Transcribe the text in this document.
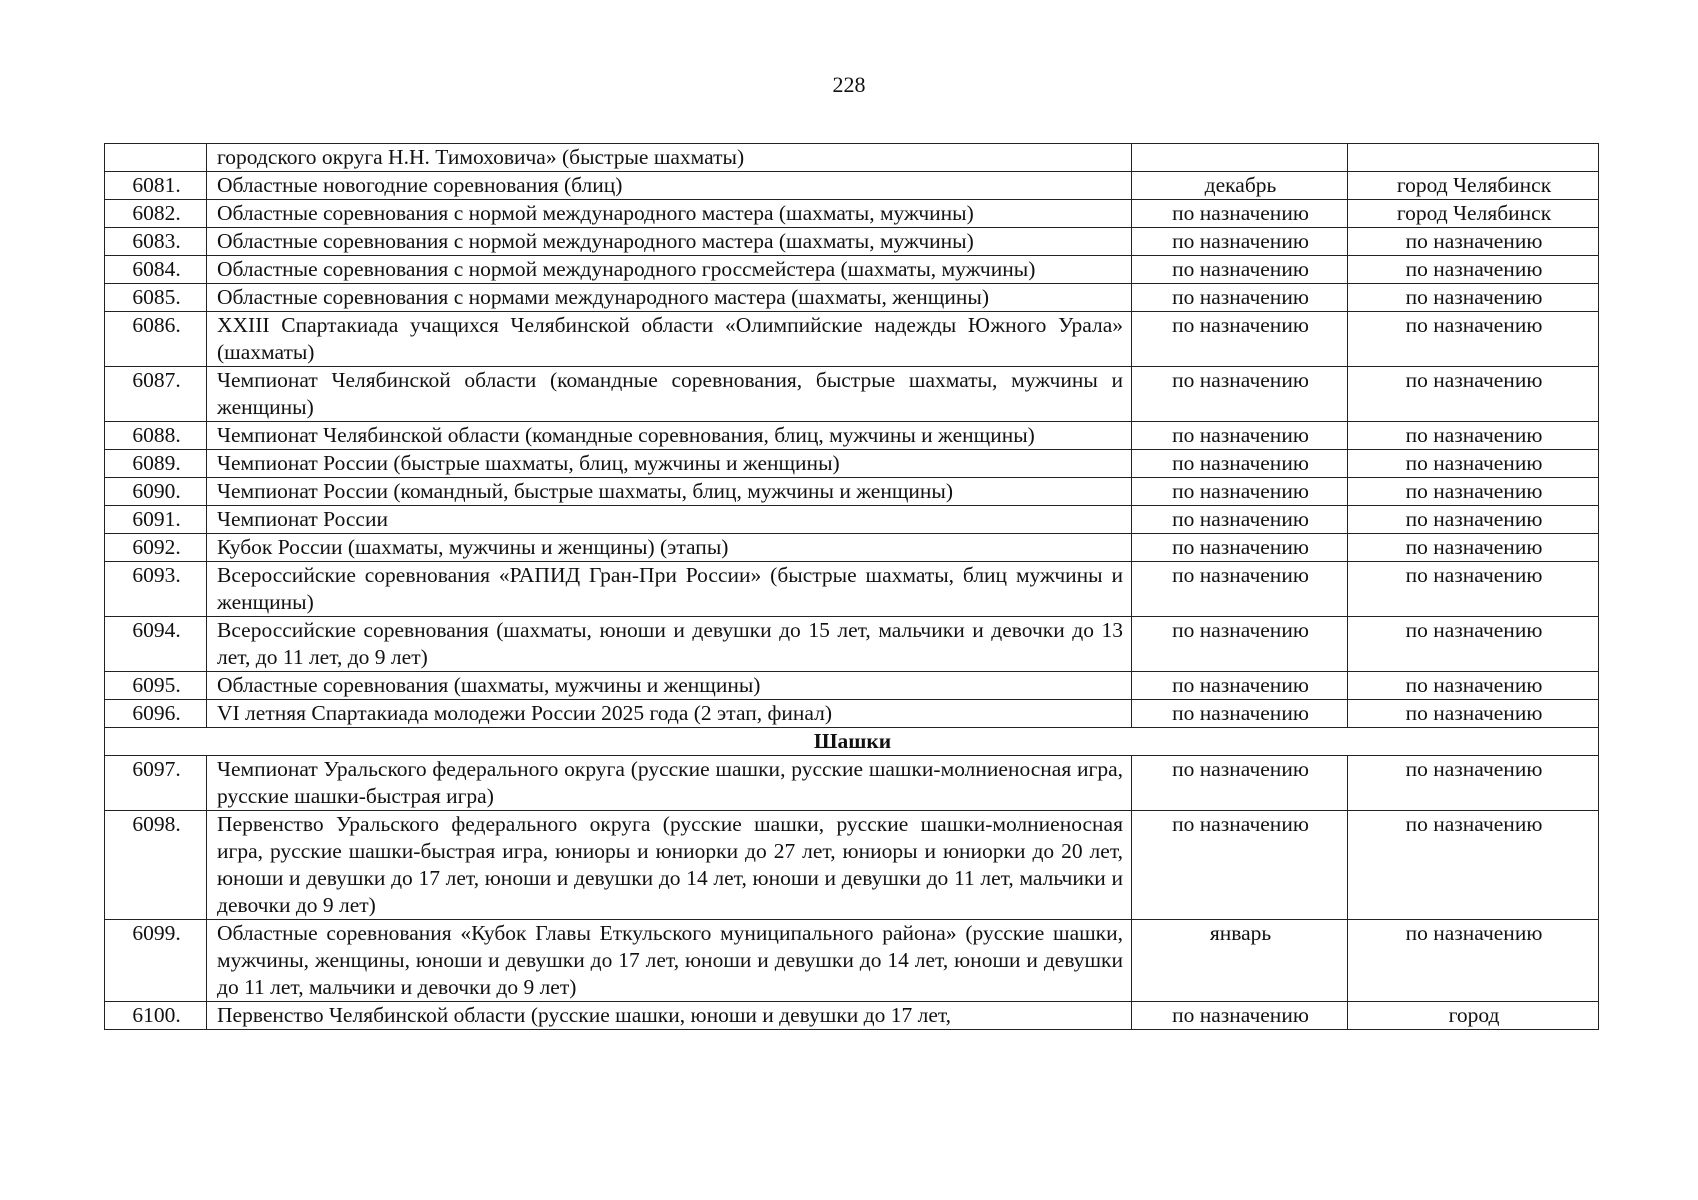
228
	городского округа Н.Н. Тимоховича» (быстрые шахматы)		
6081.	Областные новогодние соревнования (блиц)	декабрь	город Челябинск
6082.	Областные соревнования с нормой международного мастера (шахматы, мужчины)	по назначению	город Челябинск
6083.	Областные соревнования с нормой международного мастера (шахматы, мужчины)	по назначению	по назначению
6084.	Областные соревнования с нормой международного гроссмейстера (шахматы, мужчины)	по назначению	по назначению
6085.	Областные соревнования с нормами международного мастера (шахматы, женщины)	по назначению	по назначению
6086.	XXIII Спартакиада учащихся Челябинской области «Олимпийские надежды Южного Урала» (шахматы)	по назначению	по назначению
6087.	Чемпионат Челябинской области (командные соревнования, быстрые шахматы, мужчины и женщины)	по назначению	по назначению
6088.	Чемпионат Челябинской области (командные соревнования, блиц, мужчины и женщины)	по назначению	по назначению
6089.	Чемпионат России (быстрые шахматы, блиц, мужчины и женщины)	по назначению	по назначению
6090.	Чемпионат России (командный, быстрые шахматы, блиц, мужчины и женщины)	по назначению	по назначению
6091.	Чемпионат России	по назначению	по назначению
6092.	Кубок России (шахматы, мужчины и женщины) (этапы)	по назначению	по назначению
6093.	Всероссийские соревнования «РАПИД Гран-При России» (быстрые шахматы, блиц мужчины и женщины)	по назначению	по назначению
6094.	Всероссийские соревнования (шахматы, юноши и девушки до 15 лет, мальчики и девочки до 13 лет, до 11 лет, до 9 лет)	по назначению	по назначению
6095.	Областные соревнования (шахматы, мужчины и женщины)	по назначению	по назначению
6096.	VI летняя Спартакиада молодежи России 2025 года (2 этап, финал)	по назначению	по назначению
Шашки			
6097.	Чемпионат Уральского федерального округа (русские шашки, русские шашки-молниеносная игра, русские шашки-быстрая игра)	по назначению	по назначению
6098.	Первенство Уральского федерального округа (русские шашки, русские шашки-молниеносная игра, русские шашки-быстрая игра, юниоры и юниорки до 27 лет, юниоры и юниорки до 20 лет, юноши и девушки до 17 лет, юноши и девушки до 14 лет, юноши и девушки до 11 лет, мальчики и девочки до 9 лет)	по назначению	по назначению
6099.	Областные соревнования «Кубок Главы Еткульского муниципального района» (русские шашки, мужчины, женщины, юноши и девушки до 17 лет, юноши и девушки до 14 лет, юноши и девушки до 11 лет, мальчики и девочки до 9 лет)	январь	по назначению
6100.	Первенство Челябинской области (русские шашки, юноши и девушки до 17 лет,	по назначению	город
